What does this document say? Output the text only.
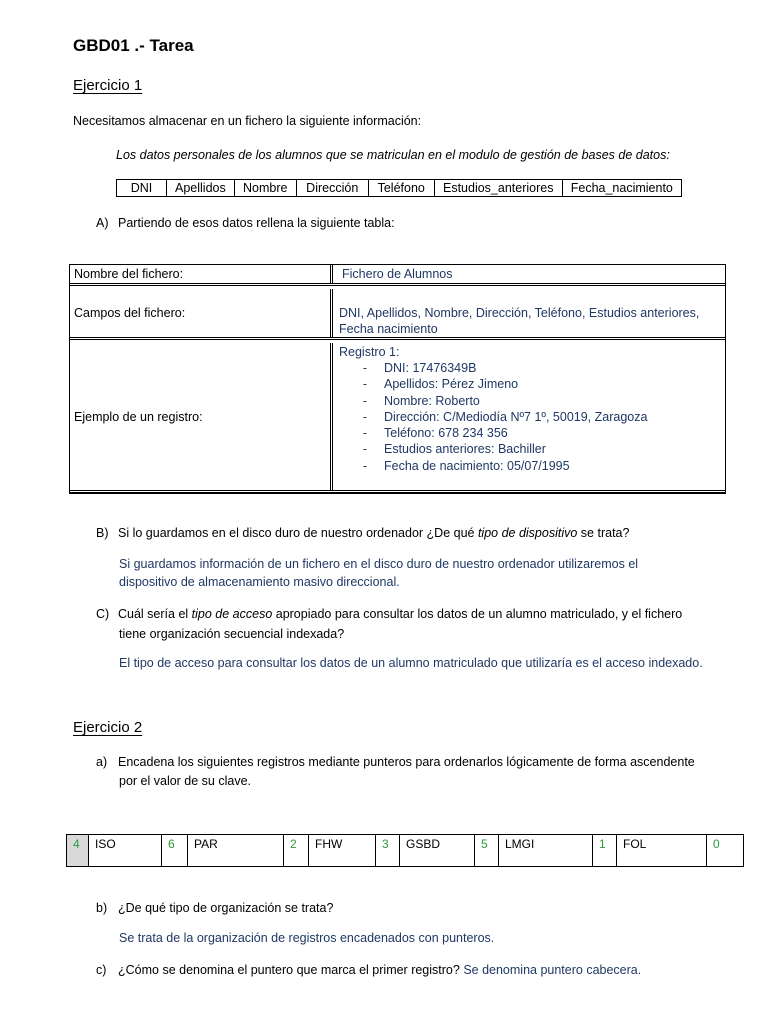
GBD01 .- Tarea
Ejercicio 1
Necesitamos almacenar en un fichero la siguiente información:
Los datos personales de los alumnos que se matriculan en el modulo de gestión de bases de datos:
DNI	Apellidos	Nombre	Dirección	Teléfono	Estudios_anteriores	Fecha_nacimiento
A) Partiendo de esos datos rellena la siguiente tabla:
Nombre del fichero:	Fichero de Alumnos
Campos del fichero:	DNI, Apellidos, Nombre, Dirección, Teléfono, Estudios anteriores, Fecha nacimiento
Ejemplo de un registro:
Registro 1:
-	DNI: 17476349B
-	Apellidos: Pérez Jimeno
-	Nombre: Roberto
-	Dirección: C/Mediodía Nº7 1º, 50019, Zaragoza
-	Teléfono: 678 234 356
-	Estudios anteriores: Bachiller
-	Fecha de nacimiento: 05/07/1995
B) Si lo guardamos en el disco duro de nuestro ordenador ¿De qué tipo de dispositivo se trata?
Si guardamos información de un fichero en el disco duro de nuestro ordenador utilizaremos el
dispositivo de almacenamiento masivo direccional.
C) Cuál sería el tipo de acceso apropiado para consultar los datos de un alumno matriculado, y el fichero
tiene organización secuencial indexada?
El tipo de acceso para consultar los datos de un alumno matriculado que utilizaría es el acceso indexado.
Ejercicio 2
a) Encadena los siguientes registros mediante punteros para ordenarlos lógicamente de forma ascendente
por el valor de su clave.
4	ISO	6	PAR	2	FHW	3	GSBD	5	LMGI	1	FOL	0
b) ¿De qué tipo de organización se trata?
Se trata de la organización de registros encadenados con punteros.
c) ¿Cómo se denomina el puntero que marca el primer registro? Se denomina puntero cabecera.
